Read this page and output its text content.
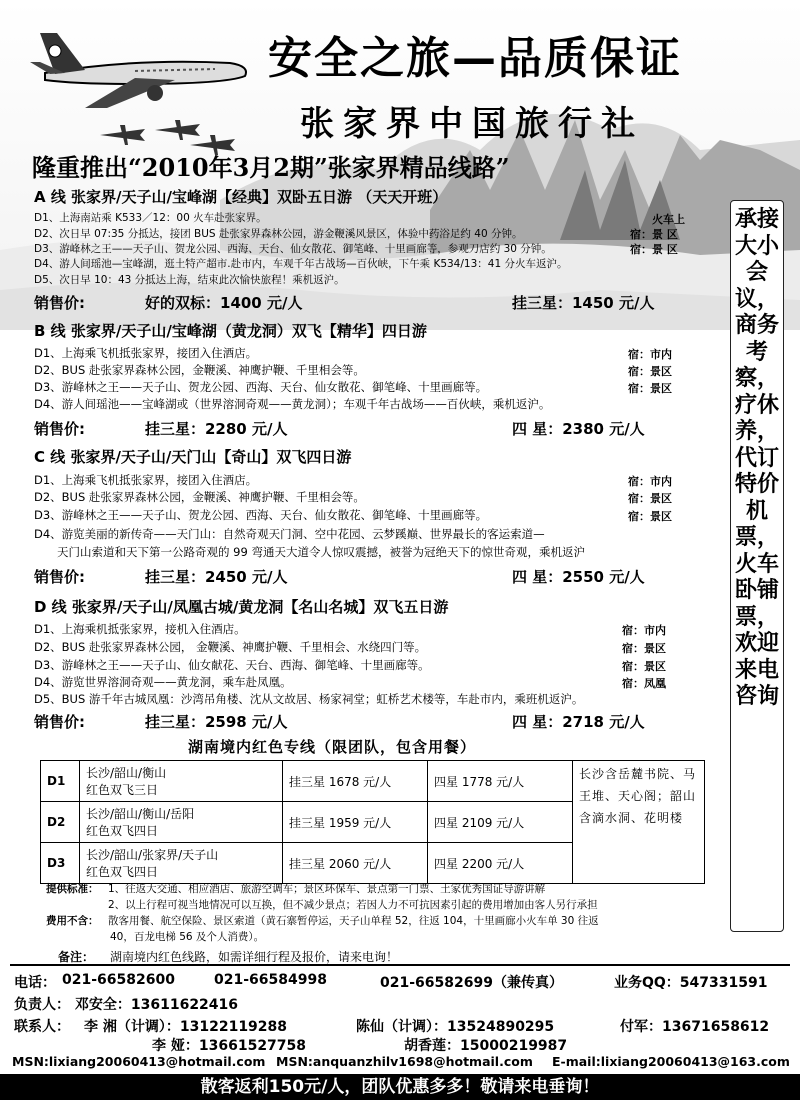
安全之旅—品质保证
张家界中国旅行社
隆重推出“2010年3月2期”张家界精品线路”
A 线 张家界/天子山/宝峰湖【经典】双卧五日游 （天天开班）
D1、上海南站乘 K533／12：00 火车赴张家界。
D2、次日早 07:35 分抵达，接团 BUS 赴张家界森林公园，游金鞭溪风景区，体验中药浴足约 40 分钟。
D3、游峰林之王——天子山、贺龙公园、西海、天台、仙女散花、御笔峰、十里画廊等，参观刀店约 30 分钟。
D4、游人间瑶池—宝峰湖，逛土特产超市.赴市内，车观千年古战场—百伙峡，下午乘 K534/13：41 分火车返沪。
D5、次日早 10：43 分抵达上海，结束此次愉快旅程！乘机返沪。
火车上
宿：景 区
宿：景 区
销售价:	好的双标：1400 元/人	挂三星：1450 元/人
B 线 张家界/天子山/宝峰湖（黄龙洞）双飞【精华】四日游
D1、上海乘飞机抵张家界，接团入住酒店。
D2、BUS 赴张家界森林公园，金鞭溪、神鹰护鞭、千里相会等。
D3、游峰林之王——天子山、贺龙公园、西海、天台、仙女散花、御笔峰、十里画廊等。
D4、游人间瑶池——宝峰湖或（世界溶洞奇观——黄龙洞）；车观千年古战场——百伙峡，乘机返沪。
宿：市内
宿：景区
宿：景区
销售价:	挂三星：2280 元/人	四 星：2380 元/人
C 线 张家界/天子山/天门山【奇山】双飞四日游
D1、上海乘飞机抵张家界，接团入住酒店。
D2、BUS 赴张家界森林公园，金鞭溪、神鹰护鞭、千里相会等。
D3、游峰林之王——天子山、贺龙公园、西海、天台、仙女散花、御笔峰、十里画廊等。
D4、游览美丽的新传奇——天门山：自然奇观天门洞、空中花园、云梦蹊巅、世界最长的客运索道—
天门山索道和天下第一公路奇观的 99 弯通天大道令人惊叹震撼，被誉为冠绝天下的惊世奇观，乘机返沪
宿：市内
宿：景区
宿：景区
销售价:	挂三星：2450 元/人	四 星：2550 元/人
D 线 张家界/天子山/凤凰古城/黄龙洞【名山名城】双飞五日游
D1、上海乘机抵张家界，接机入住酒店。
D2、BUS 赴张家界森林公园， 金鞭溪、神鹰护鞭、千里相会、水绕四门等。
D3、游峰林之王——天子山、仙女献花、天台、西海、御笔峰、十里画廊等。
D4、游览世界溶洞奇观——黄龙洞，乘车赴凤凰。
D5、BUS 游千年古城凤凰：沙湾吊角楼、沈从文故居、杨家祠堂；虹桥艺术楼等，车赴市内，乘班机返沪。
宿：市内
宿：景区
宿：景区
宿：凤凰
销售价:	挂三星：2598 元/人	四 星：2718 元/人
承接大小会议，商务考察，疗休养，代订特价机票，火车卧铺票，欢迎来电咨询
湖南境内红色专线（限团队，包含用餐）
D1	长沙/韶山/衡山
红色双飞三日	挂三星 1678 元/人	四星 1778 元/人	长沙含岳麓书院、马王堆、天心阁；韶山含滴水洞、花明楼
D2	长沙/韶山/衡山/岳阳
红色双飞四日	挂三星 1959 元/人	四星 2109 元/人	
D3	长沙/韶山/张家界/天子山
红色双飞四日	挂三星 2060 元/人	四星 2200 元/人	
提供标准： 1、往返大交通、相应酒店、旅游空调车；景区环保车、景点第一门票、土家优秀国证导游讲解
2、以上行程可视当地情况可以互换，但不减少景点；若因人力不可抗因素引起的费用增加由客人另行承担
费用不含： 散客用餐、航空保险、景区索道（黄石寨暂停运，天子山单程 52，往返 104，十里画廊小火车单 30 往返
40，百龙电梯 56 及个人消费）。
备注： 湖南境内红色线路，如需详细行程及报价，请来电询！
电话： 021-66582600	021-66584998	021-66582699（兼传真）	业务QQ：547331591
负责人： 邓安全：13611622416
联系人： 李 湘（计调）：13122119288	陈仙（计调）：13524890295	付军：13671658612
李 娅：13661527758	胡香莲：15000219987
MSN:lixiang20060413@hotmail.com MSN:anquanzhilv1698@hotmail.com E-mail:lixiang20060413@163.com
散客返利150元/人，团队优惠多多！敬请来电垂询！
